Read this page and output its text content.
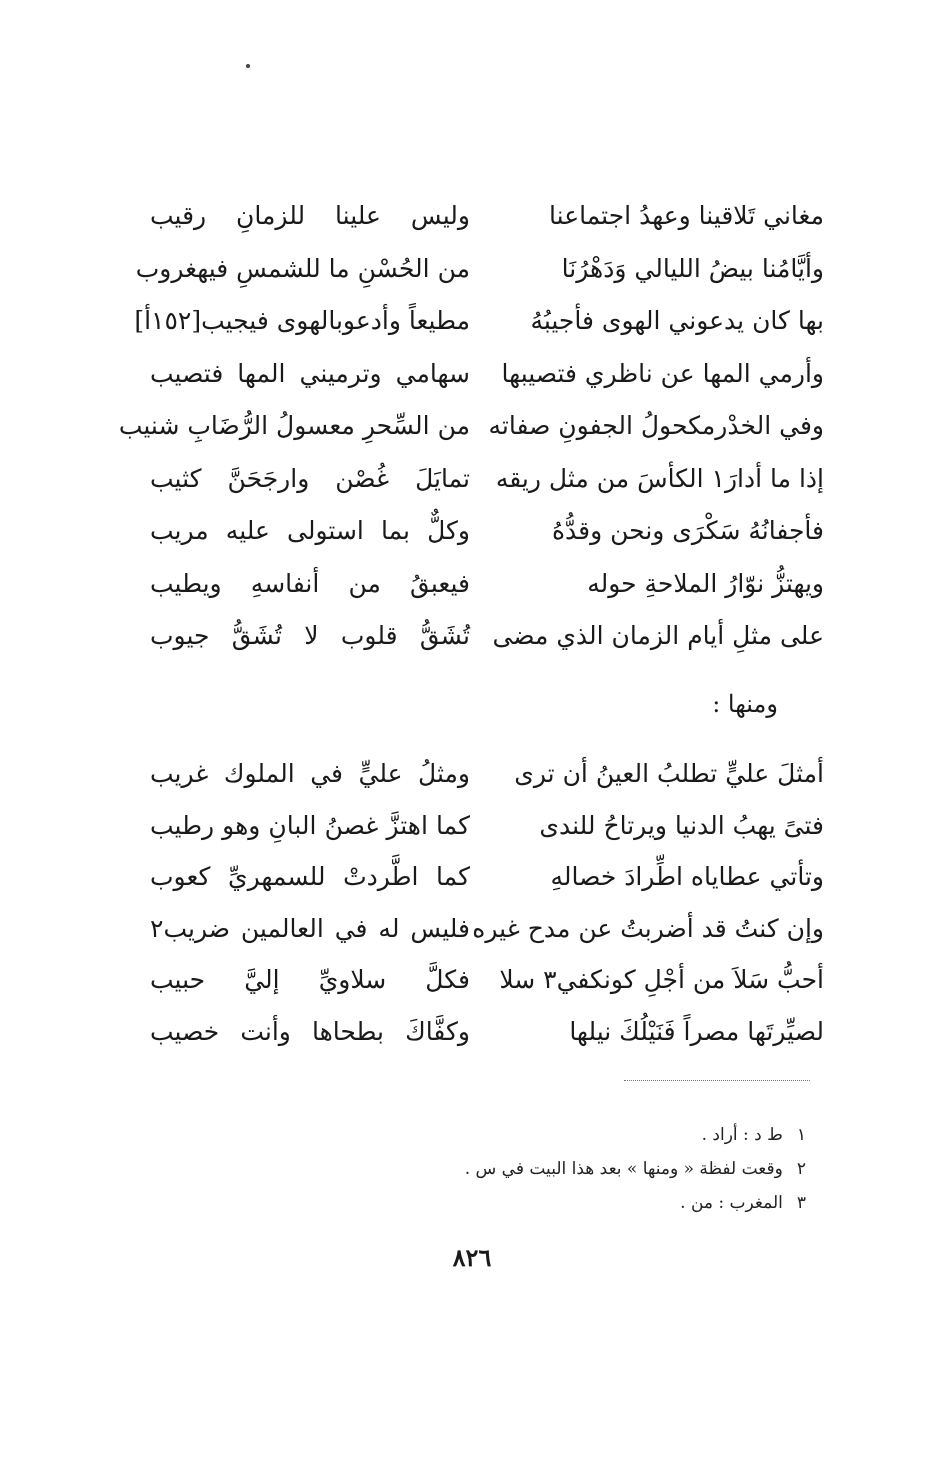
مغاني تَلاقينا وعهدُ اجتماعنا
وليس علينا للزمانِ رقيب
وأيَّامُنا بيضُ الليالي وَدَهْرُنَا
من الحُسْنِ ما للشمسِ فيهغروب
بها كان يدعوني الهوى فأجيبُهُ
مطيعاً وأدعوبالهوى فيجيب[١٥٢أ]
وأرمي المها عن ناظري فتصيبها
سهامي وترميني المها فتصيب
وفي الخدْرمكحولُ الجفونِ صفاته
من السِّحرِ معسولُ الرُّضَابِ شنيب
إذا ما أدارَ١ الكأسَ من مثل ريقه
تمايَلَ غُصْن وارجَحَنَّ كثيب
فأجفانُهُ سَكْرَى ونحن وقدُّهُ
وكلٌّ بما استولى عليه مريب
ويهتزُّ نوّارُ الملاحةِ حوله
فيعبقُ من أنفاسهِ ويطيب
على مثلِ أيام الزمان الذي مضى
تُشَقُّ قلوب لا تُشَقُّ جيوب
ومنها :
أمثلَ عليٍّ تطلبُ العينُ أن ترى
ومثلُ عليٍّ في الملوك غريب
فتىً يهبُ الدنيا ويرتاحُ للندى
كما اهتزَّ غصنُ البانِ وهو رطيب
وتأتي عطاياه اطِّرادَ خصالهِ
كما اطَّردتْ للسمهريِّ كعوب
وإن كنتُ قد أضربتُ عن مدح غيره
فليس له في العالمين ضريب٢
أحبُّ سَلاَ من أجْلِ كونكفي٣ سلا
فكلَّ سلاويِّ إليَّ حبيب
لصيِّرتَها مصراً فَنَيْلُكَ نيلها
وكفَّاكَ بطحاها وأنت خصيب
١ط د : أراد .
٢وقعت لفظة « ومنها » بعد هذا البيت في س .
٣المغرب : من .
٨٢٦
